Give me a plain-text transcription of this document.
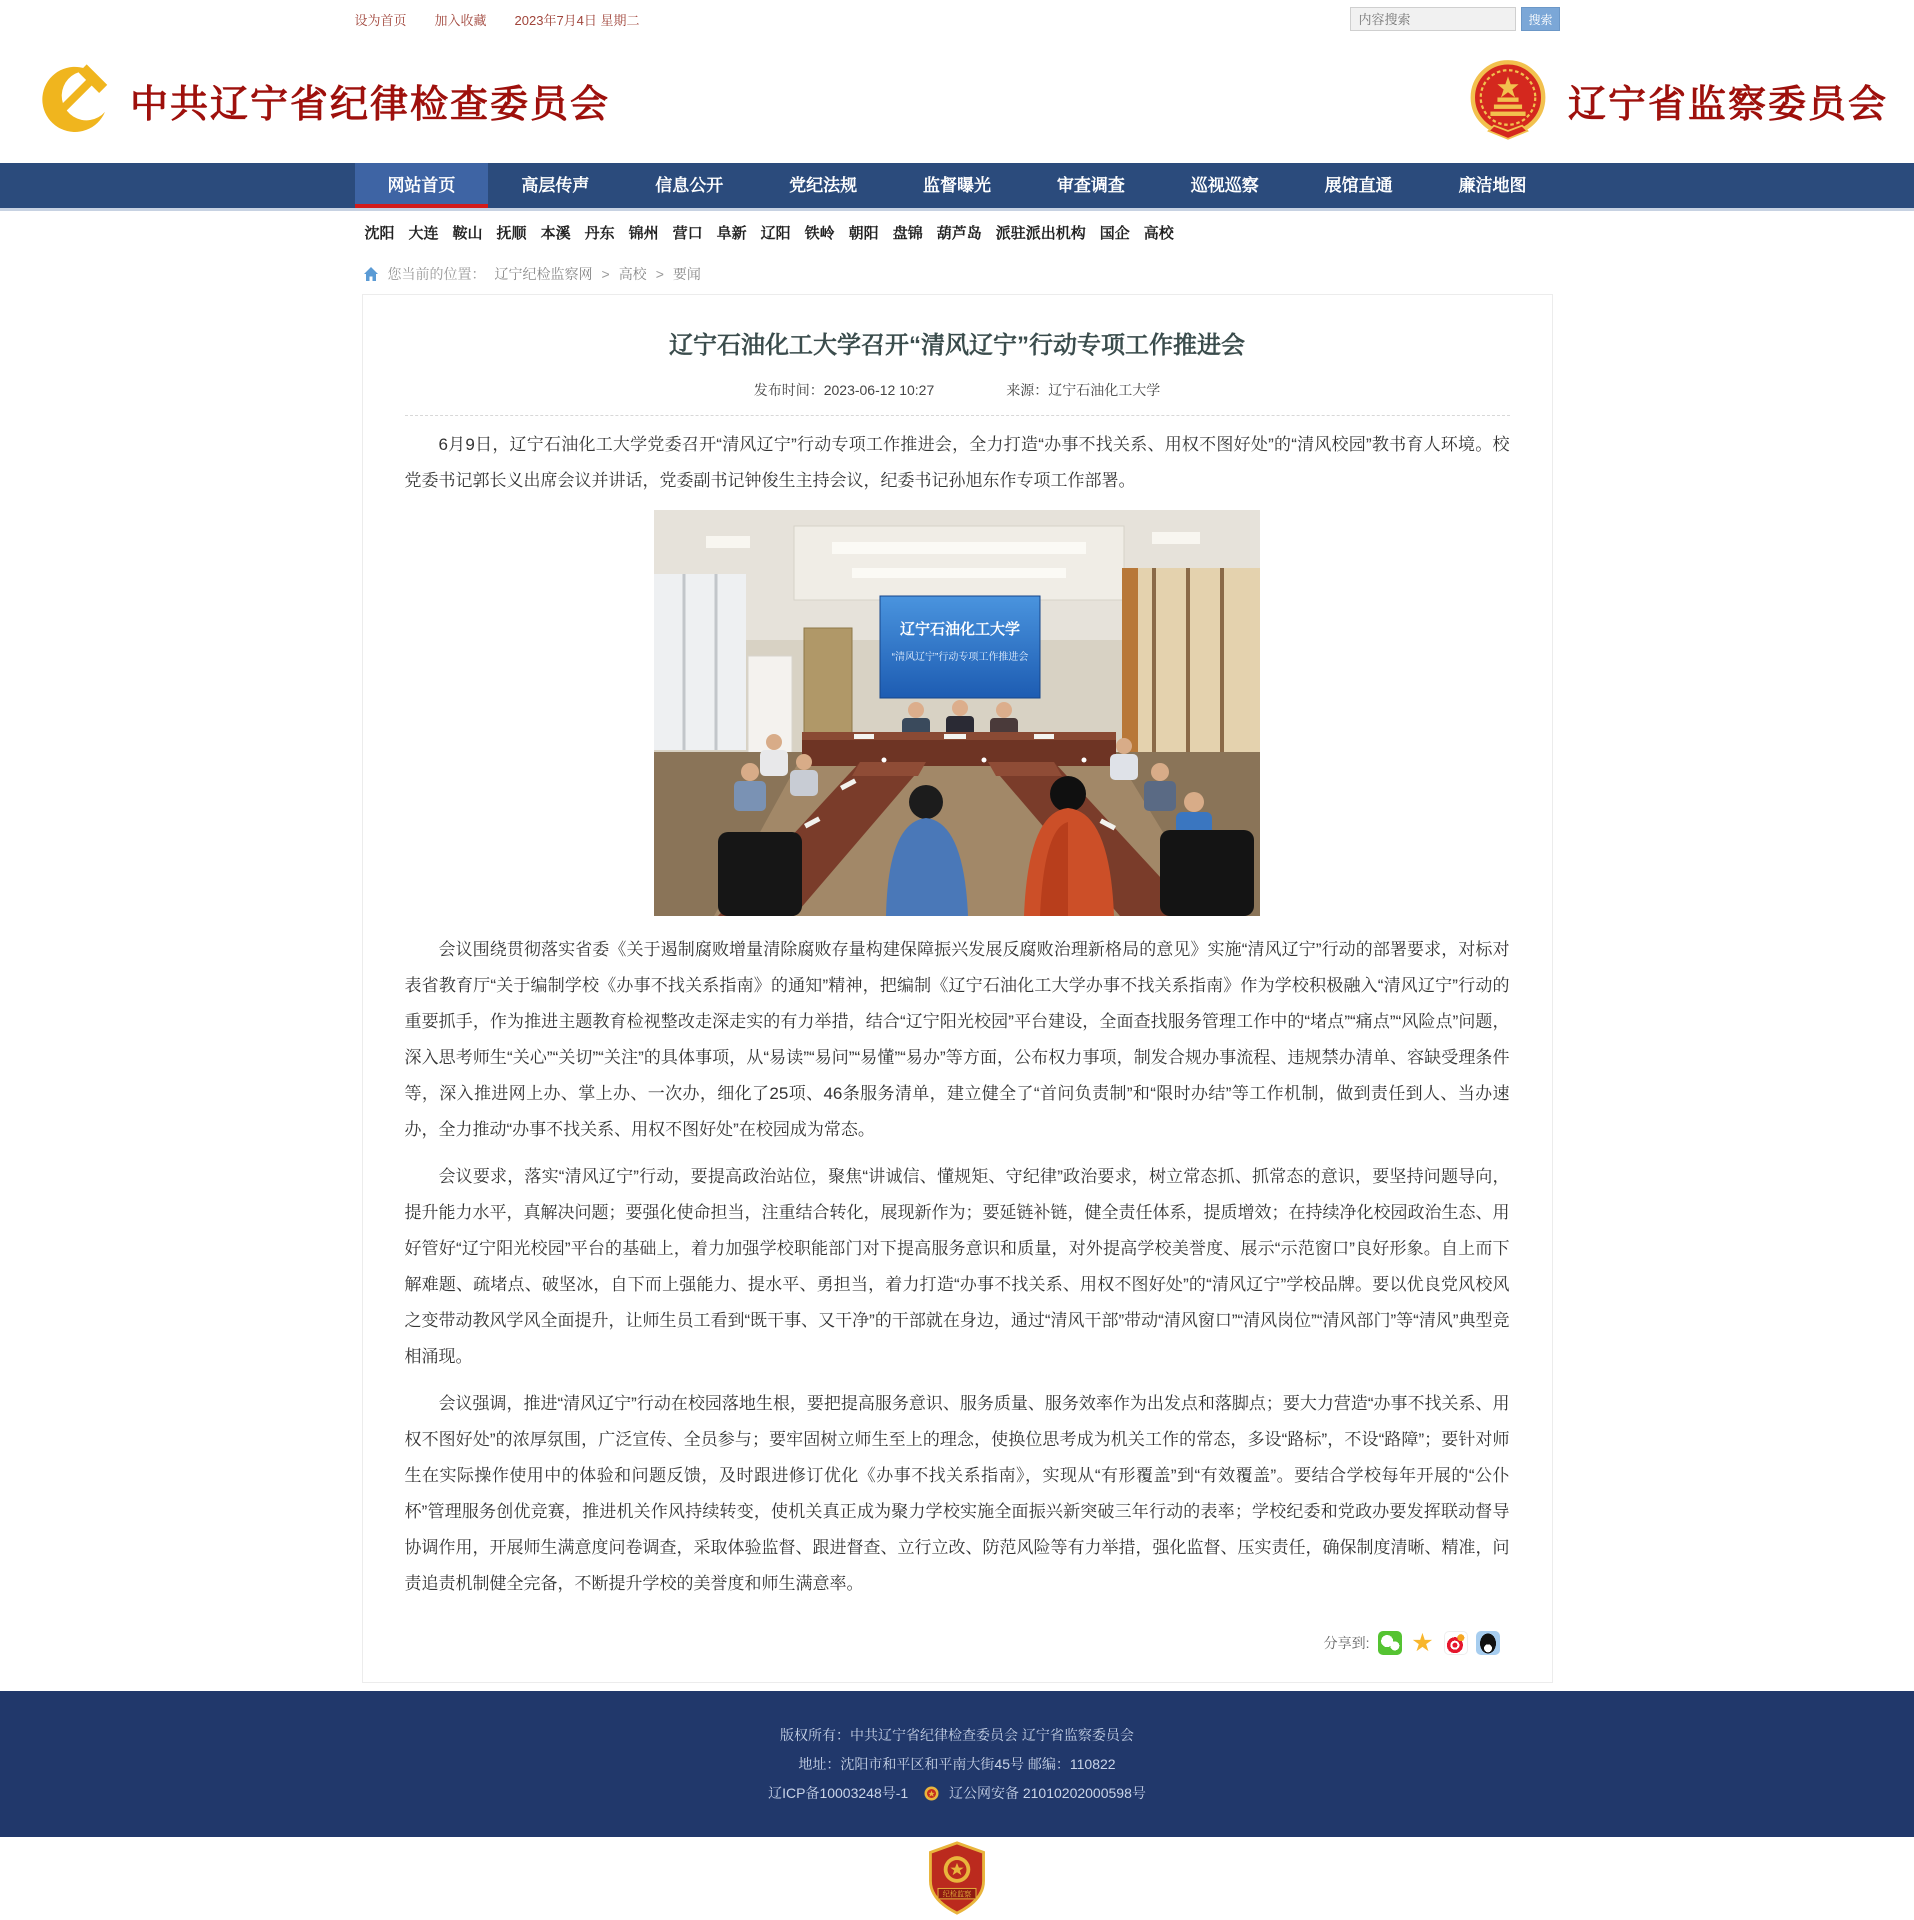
设为首页 加入收藏 2023年7月4日 星期二
内容搜索	搜索
中共辽宁省纪律检查委员会	辽宁省监察委员会
网站首页	高层传声	信息公开	党纪法规	监督曝光	审查调查	巡视巡察	展馆直通	廉洁地图
沈阳 大连 鞍山 抚顺 本溪 丹东 锦州 营口 阜新 辽阳 铁岭 朝阳 盘锦 葫芦岛 派驻派出机构 国企 高校
您当前的位置： 辽宁纪检监察网 > 高校 > 要闻
辽宁石油化工大学召开“清风辽宁”行动专项工作推进会
发布时间：2023-06-12 10:27	来源：辽宁石油化工大学

6月9日，辽宁石油化工大学党委召开“清风辽宁”行动专项工作推进会，全力打造“办事不找关系、用权不图好处”的“清风校园”教书育人环境。校党委书记郭长义出席会议并讲话，党委副书记钟俊生主持会议，纪委书记孙旭东作专项工作部署。

辽宁石油化工大学
“清风辽宁”行动专项工作推进会

会议围绕贯彻落实省委《关于遏制腐败增量清除腐败存量构建保障振兴发展反腐败治理新格局的意见》实施“清风辽宁”行动的部署要求，对标对表省教育厅“关于编制学校《办事不找关系指南》的通知”精神，把编制《辽宁石油化工大学办事不找关系指南》作为学校积极融入“清风辽宁”行动的重要抓手，作为推进主题教育检视整改走深走实的有力举措，结合“辽宁阳光校园”平台建设，全面查找服务管理工作中的“堵点”“痛点”“风险点”问题，深入思考师生“关心”“关切”“关注”的具体事项，从“易读”“易问”“易懂”“易办”等方面，公布权力事项，制发合规办事流程、违规禁办清单、容缺受理条件等，深入推进网上办、掌上办、一次办，细化了25项、46条服务清单，建立健全了“首问负责制”和“限时办结”等工作机制，做到责任到人、当办速办，全力推动“办事不找关系、用权不图好处”在校园成为常态。

会议要求，落实“清风辽宁”行动，要提高政治站位，聚焦“讲诚信、懂规矩、守纪律”政治要求，树立常态抓、抓常态的意识，要坚持问题导向，提升能力水平，真解决问题；要强化使命担当，注重结合转化，展现新作为；要延链补链，健全责任体系，提质增效；在持续净化校园政治生态、用好管好“辽宁阳光校园”平台的基础上，着力加强学校职能部门对下提高服务意识和质量，对外提高学校美誉度、展示“示范窗口”良好形象。自上而下解难题、疏堵点、破坚冰，自下而上强能力、提水平、勇担当，着力打造“办事不找关系、用权不图好处”的“清风辽宁”学校品牌。要以优良党风校风之变带动教风学风全面提升，让师生员工看到“既干事、又干净”的干部就在身边，通过“清风干部”带动“清风窗口”“清风岗位”“清风部门”等“清风”典型竞相涌现。

会议强调，推进“清风辽宁”行动在校园落地生根，要把提高服务意识、服务质量、服务效率作为出发点和落脚点；要大力营造“办事不找关系、用权不图好处”的浓厚氛围，广泛宣传、全员参与；要牢固树立师生至上的理念，使换位思考成为机关工作的常态，多设“路标”，不设“路障”；要针对师生在实际操作使用中的体验和问题反馈，及时跟进修订优化《办事不找关系指南》，实现从“有形覆盖”到“有效覆盖”。要结合学校每年开展的“公仆杯”管理服务创优竞赛，推进机关作风持续转变，使机关真正成为聚力学校实施全面振兴新突破三年行动的表率；学校纪委和党政办要发挥联动督导协调作用，开展师生满意度问卷调查，采取体验监督、跟进督查、立行立改、防范风险等有力举措，强化监督、压实责任，确保制度清晰、精准，问责追责机制健全完备，不断提升学校的美誉度和师生满意率。

分享到:
★
版权所有：中共辽宁省纪律检查委员会 辽宁省监察委员会
地址：沈阳市和平区和平南大街45号 邮编：110822
辽ICP备10003248号-1	辽公网安备 21010202000598号
纪检监察
